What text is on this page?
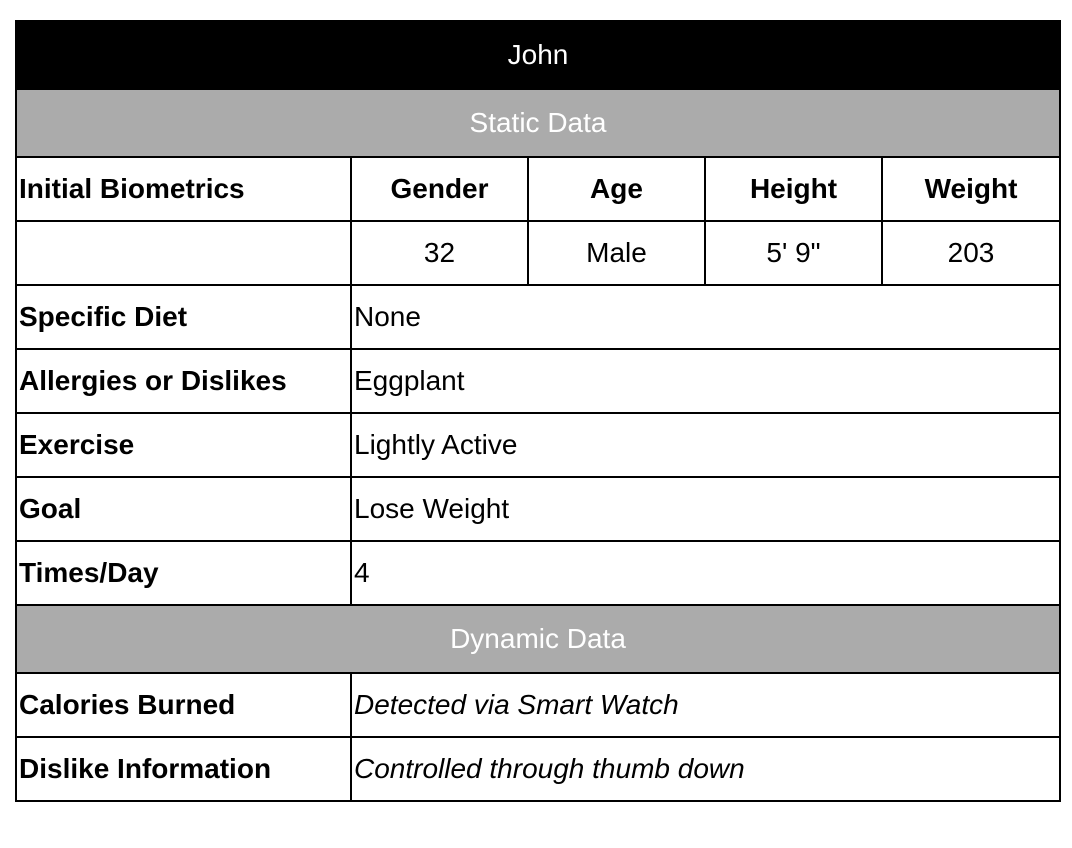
John				
Static Data				
Initial Biometrics	Gender	Age	Height	Weight
	32	Male	5' 9"	203
Specific Diet	None			
Allergies or Dislikes	Eggplant			
Exercise	Lightly Active			
Goal	Lose Weight			
Times/Day	4			
Dynamic Data				
Calories Burned	Detected via Smart Watch			
Dislike Information	Controlled through thumb down			
